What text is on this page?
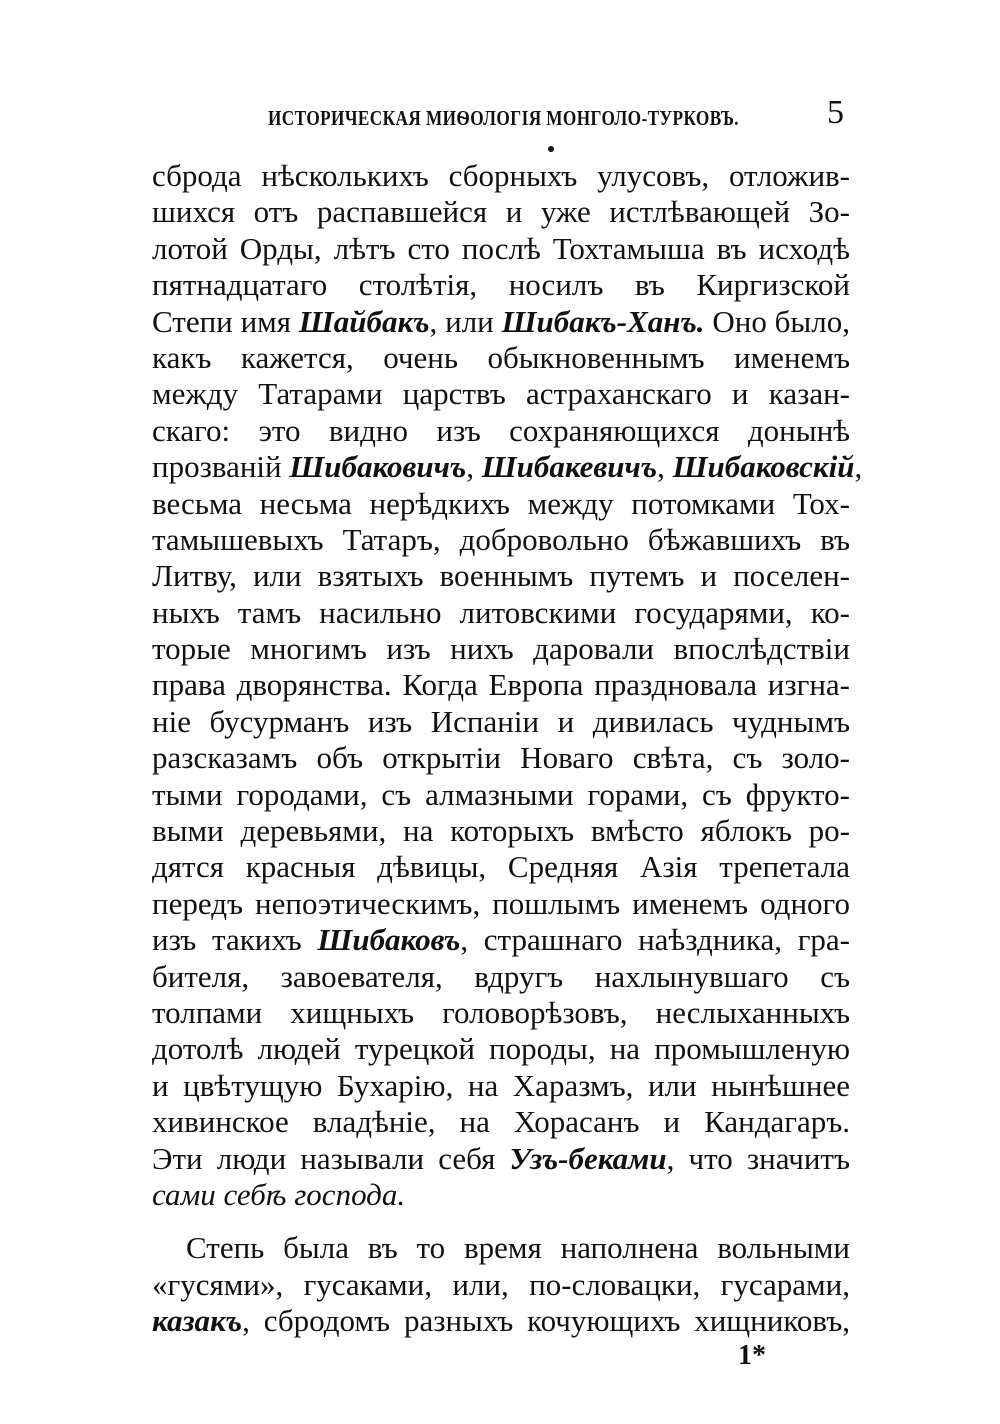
ИСТОРИЧЕСКАЯ МИѲОЛОГІЯ МОНГОЛО-ТУРКОВЪ.	5
сброда нѣсколькихъ сборныхъ улусовъ, отложив-
шихся отъ распавшейся и уже истлѣвающей Зо-
лотой Орды, лѣтъ сто послѣ Тохтамыша въ исходѣ
пятнадцатаго столѣтія, носилъ въ Киргизской
Степи имя Шайбакъ, или Шибакъ-Ханъ. Оно было,
какъ кажется, очень обыкновеннымъ именемъ
между Татарами царствъ астраханскаго и казан-
скаго: это видно изъ сохраняющихся донынѣ
прозваній Шибаковичъ, Шибакевичъ, Шибаковскій,
весьма несьма нерѣдкихъ между потомками Тох-
тамышевыхъ Татаръ, добровольно бѣжавшихъ въ
Литву, или взятыхъ военнымъ путемъ и поселен-
ныхъ тамъ насильно литовскими государями, ко-
торые многимъ изъ нихъ даровали впослѣдствіи
права дворянства. Когда Европа праздновала изгна-
ніе бусурманъ изъ Испаніи и дивилась чуднымъ
разсказамъ объ открытіи Новаго свѣта, съ золо-
тыми городами, съ алмазными горами, съ фрукто-
выми деревьями, на которыхъ вмѣсто яблокъ ро-
дятся красныя дѣвицы, Средняя Азія трепетала
передъ непоэтическимъ, пошлымъ именемъ одного
изъ такихъ Шибаковъ, страшнаго наѣздника, гра-
бителя, завоевателя, вдругъ нахлынувшаго съ
толпами хищныхъ головорѣзовъ, неслыханныхъ
дотолѣ людей турецкой породы, на промышленую
и цвѣтущую Бухарію, на Харазмъ, или нынѣшнее
хивинское владѣніе, на Хорасанъ и Кандагаръ.
Эти люди называли себя Узъ-беками, что значитъ
сами себѣ господа.
Степь была въ то время наполнена вольными
«гусями», гусаками, или, по-словацки, гусарами,
казакъ, сбродомъ разныхъ кочующихъ хищниковъ,
1*
